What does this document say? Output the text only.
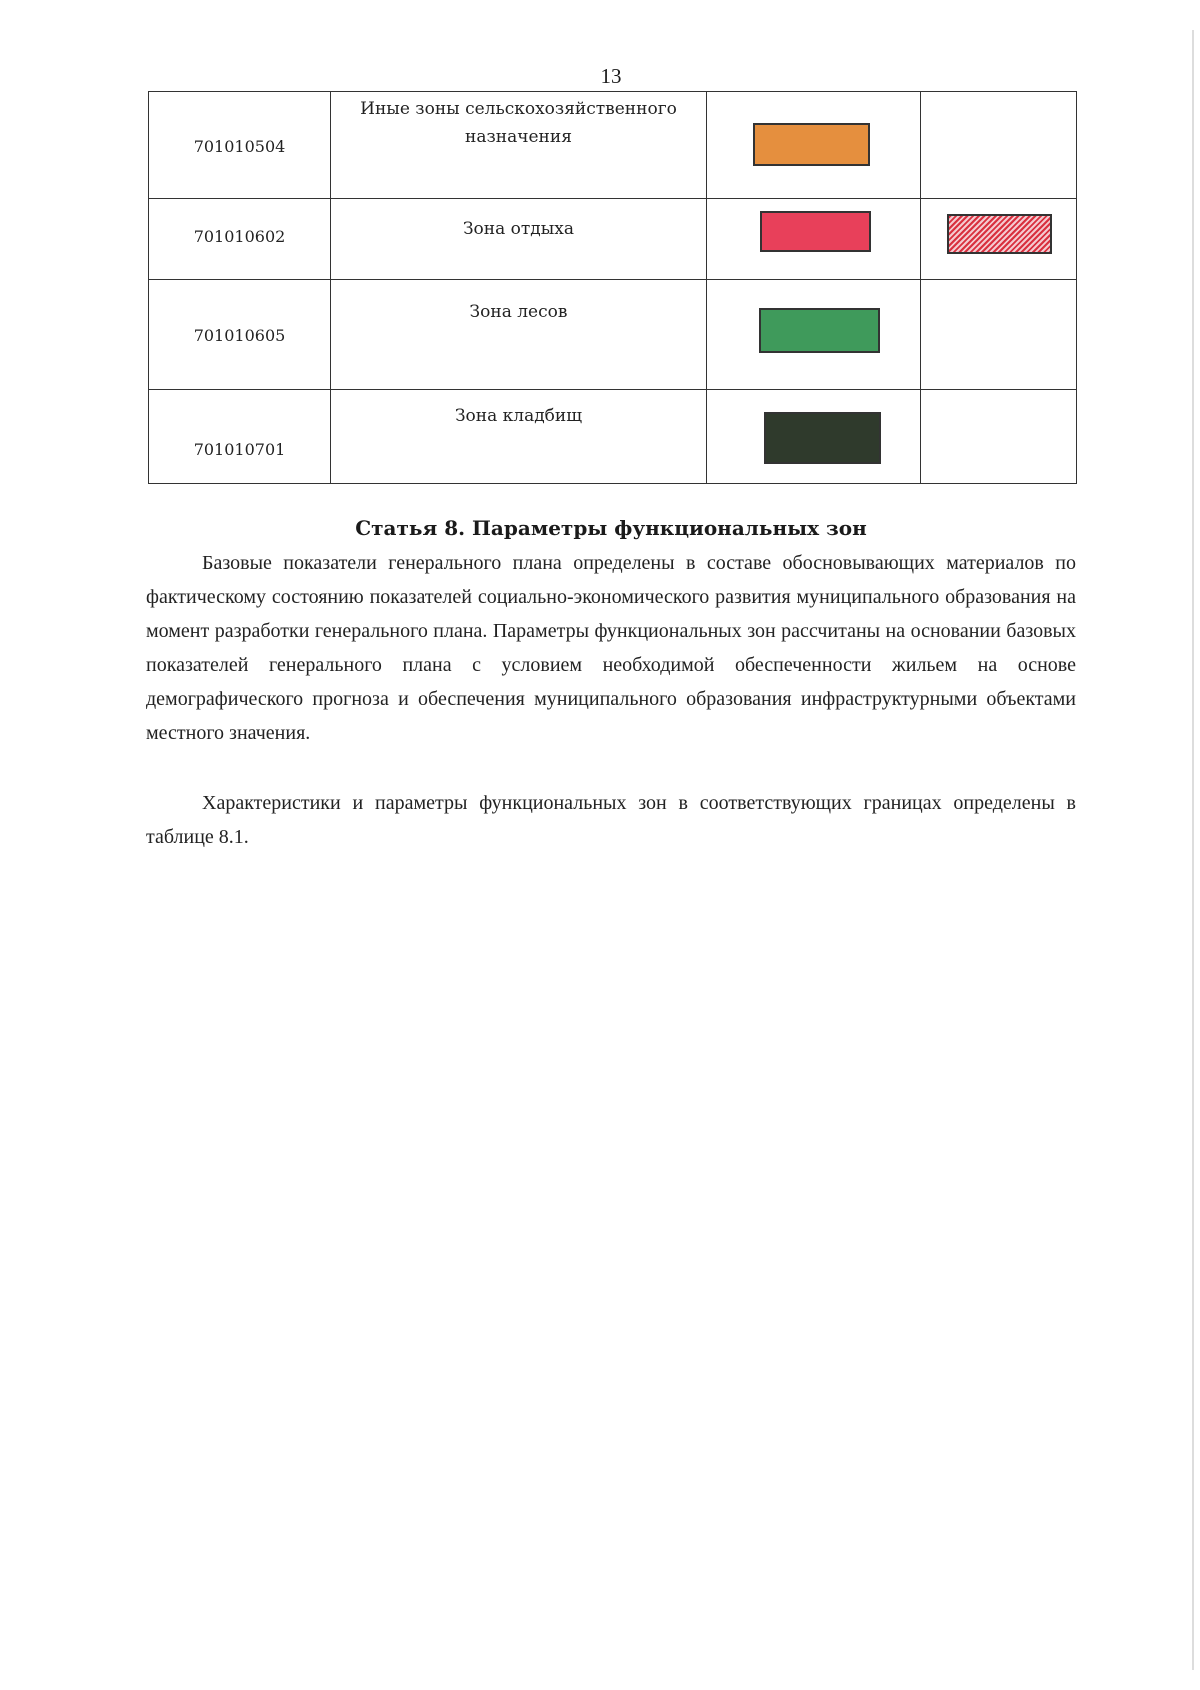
13
701010504	Иные зоны сельскохозяйственного назначения		

701010602	Зона отдыха		

701010605	Зона лесов		

701010701	Зона кладбищ		

Статья 8. Параметры функциональных зон
Базовые показатели генерального плана определены в составе обосновывающих материалов по фактическому состоянию показателей социально-экономического развития муниципального образования на момент разработки генерального плана. Параметры функциональных зон рассчитаны на основании базовых показателей генерального плана с условием необходимой обеспеченности жильем на основе демографического прогноза и обеспечения муниципального образования инфраструктурными объектами местного значения.
Характеристики и параметры функциональных зон в соответствующих границах определены в таблице 8.1.
